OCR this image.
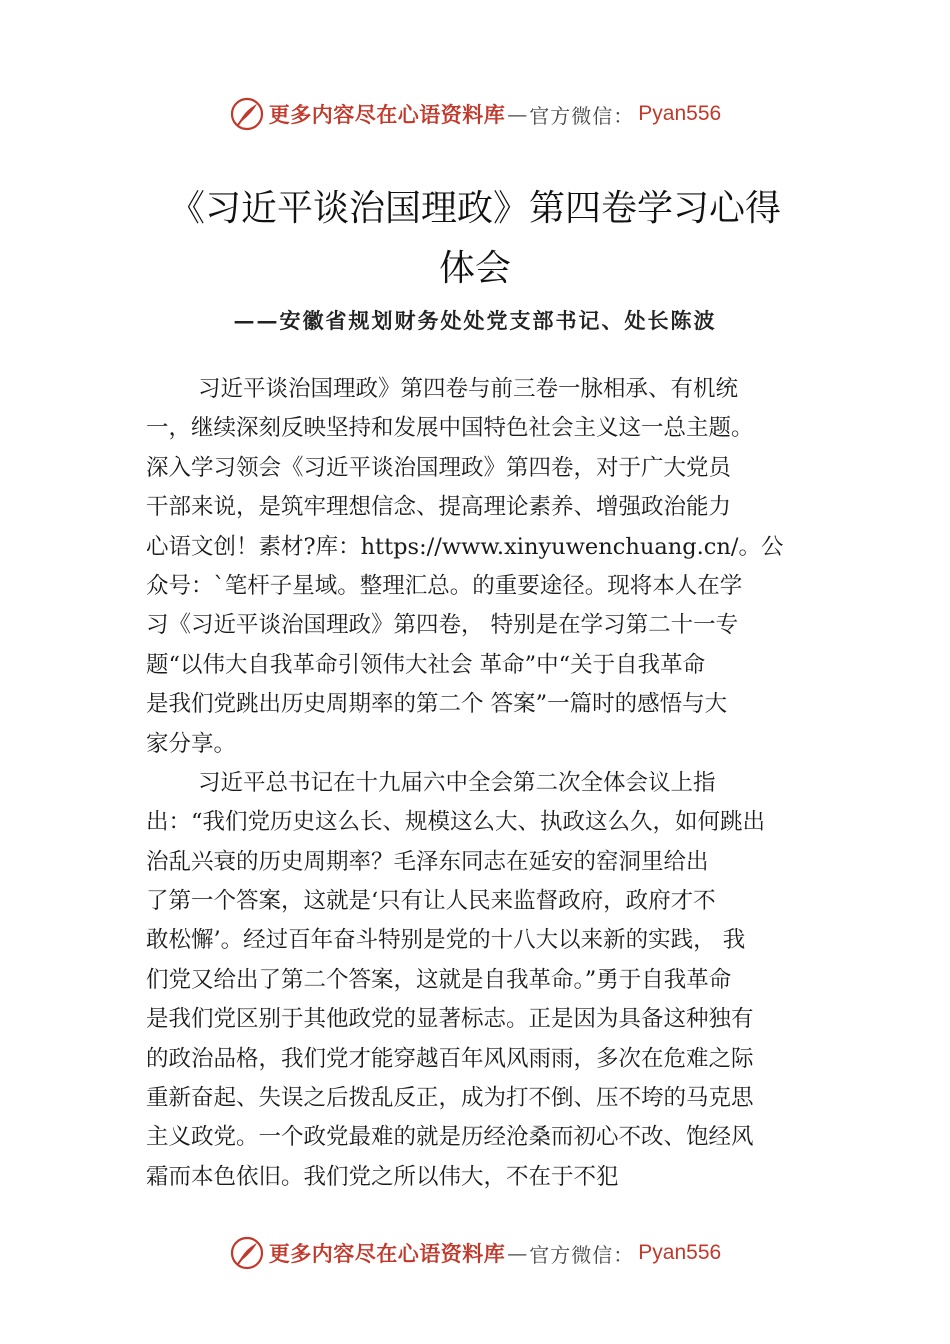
更多内容尽在心语资料库 — 官方微信： Pyan556
《习近平谈治国理政》第四卷学习心得
体会
——安徽省规划财务处处党支部书记、处长陈波
习近平谈治国理政》第四卷与前三卷一脉相承、有机统
一，继续深刻反映坚持和发展中国特色社会主义这一总主题。
深入学习领会《习近平谈治国理政》第四卷，对于广大党员
干部来说，是筑牢理想信念、提高理论素养、增强政治能力
心语文创！素材?库：https://www.xinyuwenchuang.cn/。公
众号：`笔杆子星域。整理汇总。的重要途径。现将本人在学
习《习近平谈治国理政》第四卷， 特别是在学习第二十一专
题“以伟大自我革命引领伟大社会 革命”中“关于自我革命
是我们党跳出历史周期率的第二个 答案”一篇时的感悟与大
家分享。
习近平总书记在十九届六中全会第二次全体会议上指
出：“我们党历史这么长、规模这么大、执政这么久，如何跳出
治乱兴衰的历史周期率？毛泽东同志在延安的窑洞里给出
了第一个答案，这就是‘只有让人民来监督政府，政府才不
敢松懈’。经过百年奋斗特别是党的十八大以来新的实践， 我
们党又给出了第二个答案，这就是自我革命。”勇于自我革命
是我们党区别于其他政党的显著标志。正是因为具备这种独有
的政治品格，我们党才能穿越百年风风雨雨，多次在危难之际
重新奋起、失误之后拨乱反正，成为打不倒、压不垮的马克思
主义政党。一个政党最难的就是历经沧桑而初心不改、饱经风
霜而本色依旧。我们党之所以伟大，不在于不犯
更多内容尽在心语资料库 — 官方微信： Pyan556
